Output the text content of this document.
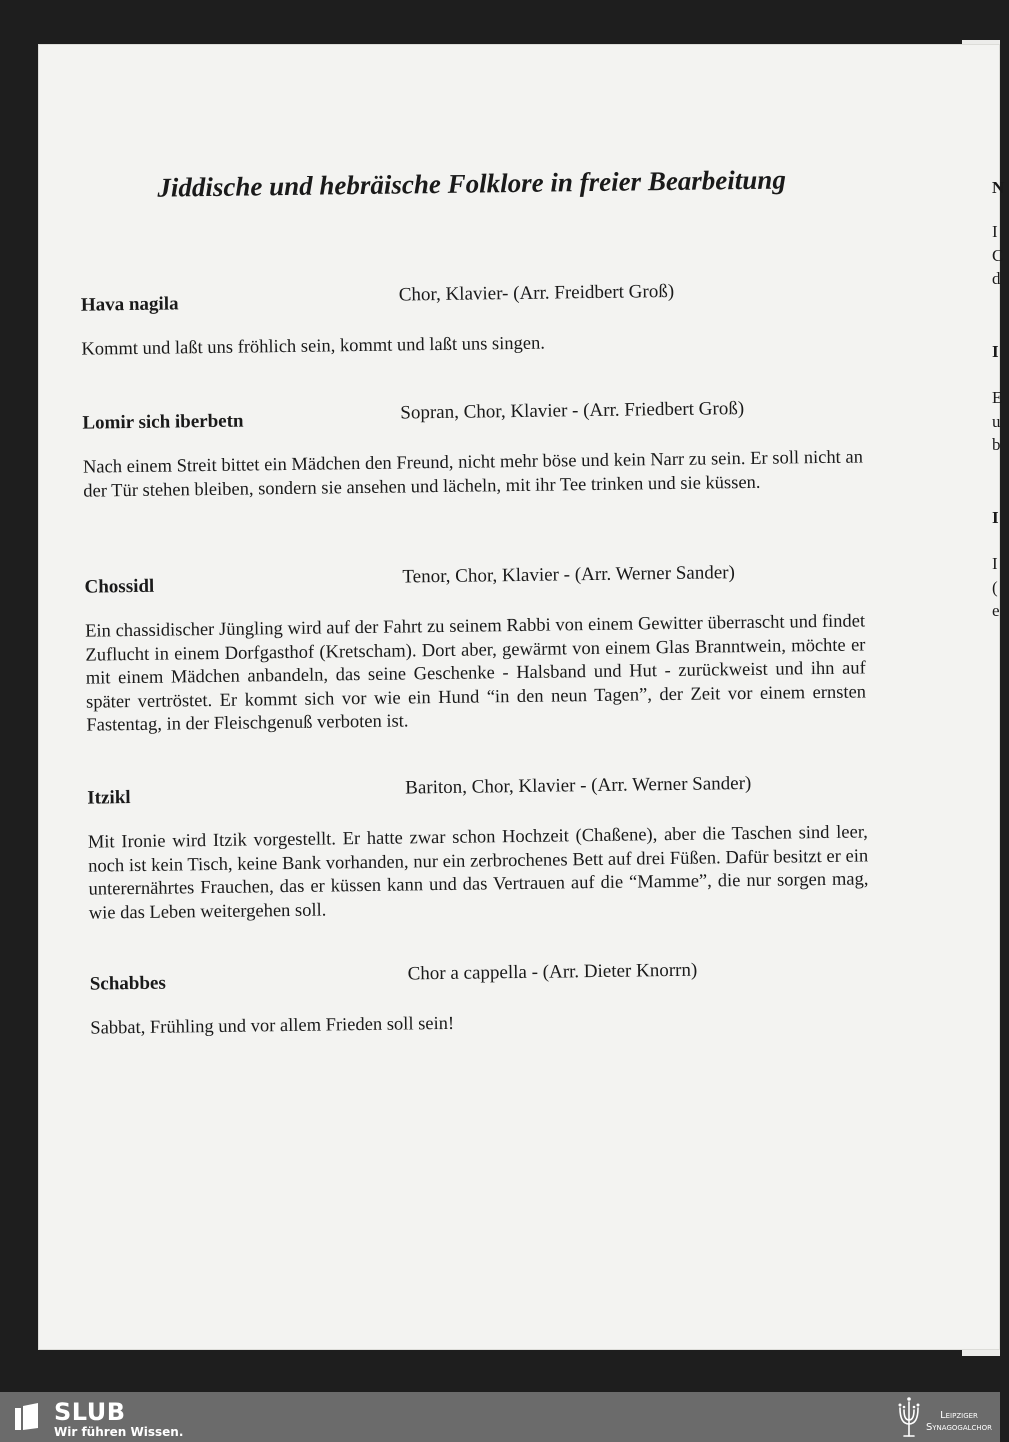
Jiddische und hebräische Folklore in freier Bearbeitung
Hava nagila	Chor, Klavier- (Arr. Freidbert Groß)

Kommt und laßt uns fröhlich sein, kommt und laßt uns singen.

Lomir sich iberbetn	Sopran, Chor, Klavier - (Arr. Friedbert Groß)

Nach einem Streit bittet ein Mädchen den Freund, nicht mehr böse und kein Narr zu sein. Er soll nicht an der Tür stehen bleiben, sondern sie ansehen und lächeln, mit ihr Tee trinken und sie küssen.

Chossidl	Tenor, Chor, Klavier - (Arr. Werner Sander)

Ein chassidischer Jüngling wird auf der Fahrt zu seinem Rabbi von einem Gewitter überrascht und findet Zuflucht in einem Dorfgasthof (Kretscham). Dort aber, gewärmt von einem Glas Branntwein, möchte er mit einem Mädchen anbandeln, das seine Geschenke - Halsband und Hut - zurückweist und ihn auf später vertröstet. Er kommt sich vor wie ein Hund “in den neun Tagen”, der Zeit vor einem ernsten Fastentag, in der Fleischgenuß verboten ist.

Itzikl	Bariton, Chor, Klavier - (Arr. Werner Sander)

Mit Ironie wird Itzik vorgestellt. Er hatte zwar schon Hochzeit (Chaßene), aber die Taschen sind leer, noch ist kein Tisch, keine Bank vorhanden, nur ein zerbrochenes Bett auf drei Füßen. Dafür besitzt er ein unterernährtes Frauchen, das er küssen kann und das Vertrauen auf die “Mamme”, die nur sorgen mag, wie das Leben weitergehen soll.

Schabbes	Chor a cappella - (Arr. Dieter Knorrn)

Sabbat, Frühling und vor allem Frieden soll sein!

N
I
C
d
I
E
u
b
I
I
(
e
SLUB
Wir führen Wissen.
Leipziger
Synagogalchor
